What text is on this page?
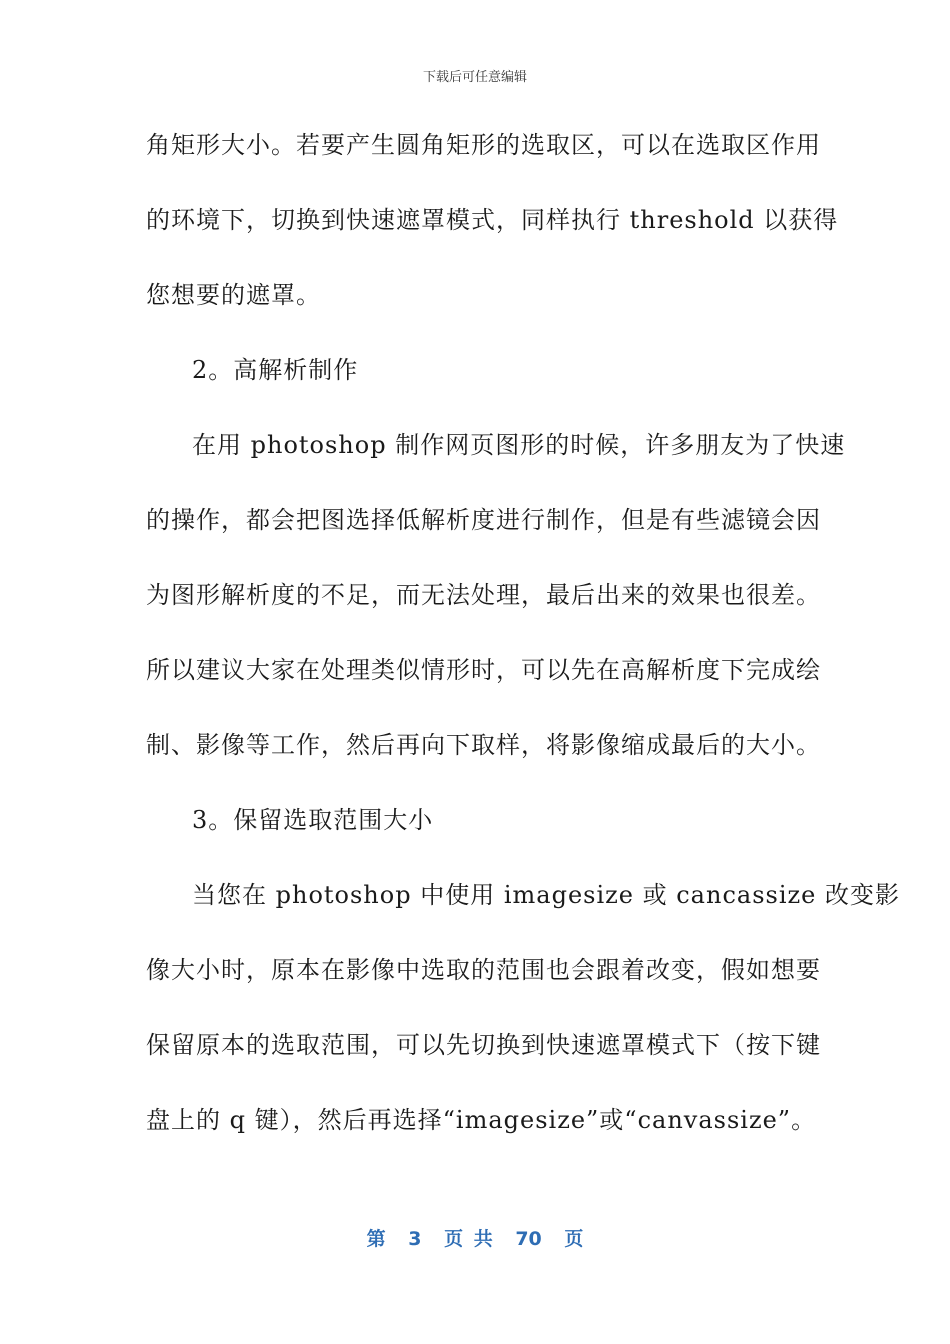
下载后可任意编辑
角矩形大小。若要产生圆角矩形的选取区，可以在选取区作用
的环境下，切换到快速遮罩模式，同样执行 threshold 以获得
您想要的遮罩。
2。高解析制作
在用 photoshop 制作网页图形的时候，许多朋友为了快速
的操作，都会把图选择低解析度进行制作，但是有些滤镜会因
为图形解析度的不足，而无法处理，最后出来的效果也很差。
所以建议大家在处理类似情形时，可以先在高解析度下完成绘
制、影像等工作，然后再向下取样，将影像缩成最后的大小。
3。保留选取范围大小
当您在 photoshop 中使用 imagesize 或 cancassize 改变影
像大小时，原本在影像中选取的范围也会跟着改变，假如想要
保留原本的选取范围，可以先切换到快速遮罩模式下（按下键
盘上的 q 键），然后再选择“imagesize”或“canvassize”。
第 3 页 共 70 页
